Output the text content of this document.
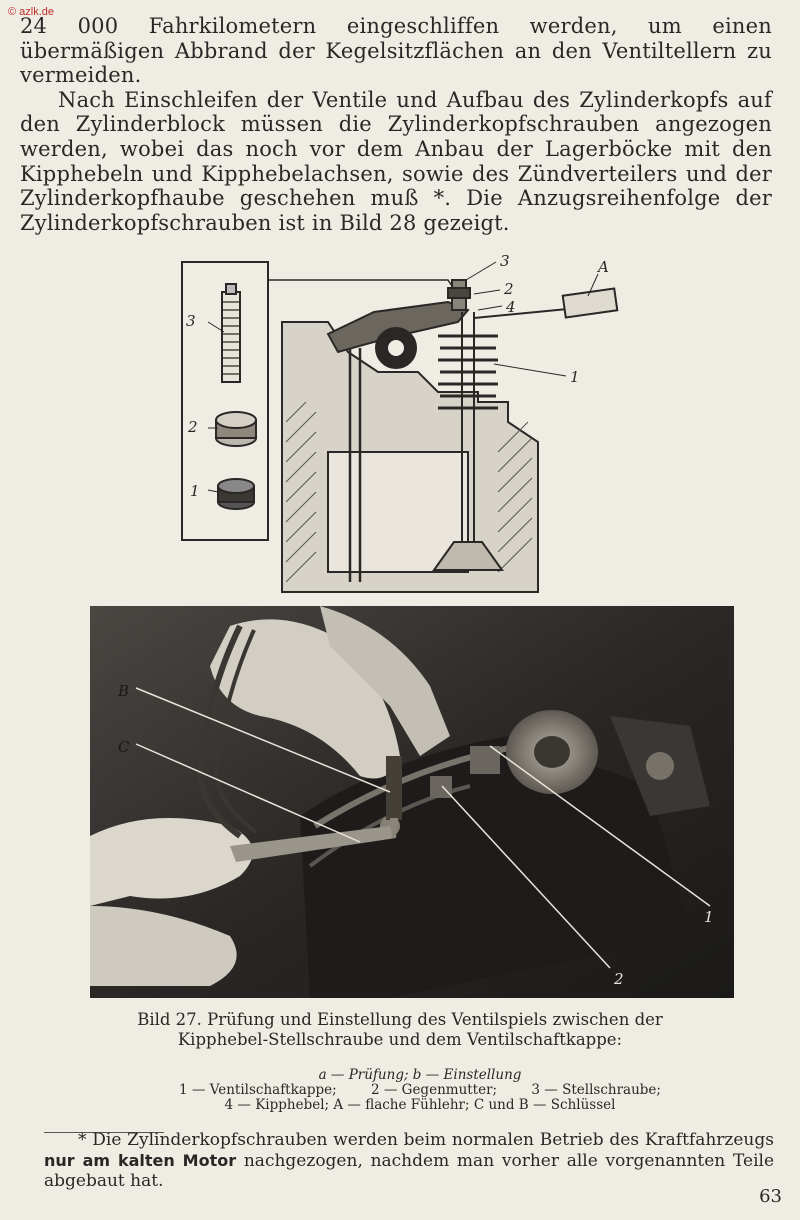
© azlk.de

24 000 Fahrkilometern eingeschliffen werden, um einen übermäßigen Abbrand der Kegelsitzflächen an den Ventiltellern zu vermeiden.

Nach Einschleifen der Ventile und Aufbau des Zylinderkopfs auf den Zylinderblock müssen die Zylinderkopfschrauben angezogen werden, wobei das noch vor dem Anbau der Lagerböcke mit den Kipphebeln und Kipphebelachsen, sowie des Zündverteilers und der Zylinderkopfhaube geschehen muß *. Die Anzugsreihenfolge der Zylinderkopfschrauben ist in Bild 28 gezeigt.

3
2
1
3
2
4
A
1
B
C
1
2
Bild 27. Prüfung und Einstellung des Ventilspiels zwischen der Kipphebel-Stellschraube und dem Ventilschaftkappe:
a — Prüfung; b — Einstellung
1 — Ventilschaftkappe;        2 — Gegenmutter;        3 — Stellschraube;
4 — Kipphebel; A — flache Fühlehr; C und B — Schlüssel
* Die Zylinderkopfschrauben werden beim normalen Betrieb des Kraftfahrzeugs nur am kalten Motor nachgezogen, nachdem man vorher alle vorgenannten Teile abgebaut hat.
63
